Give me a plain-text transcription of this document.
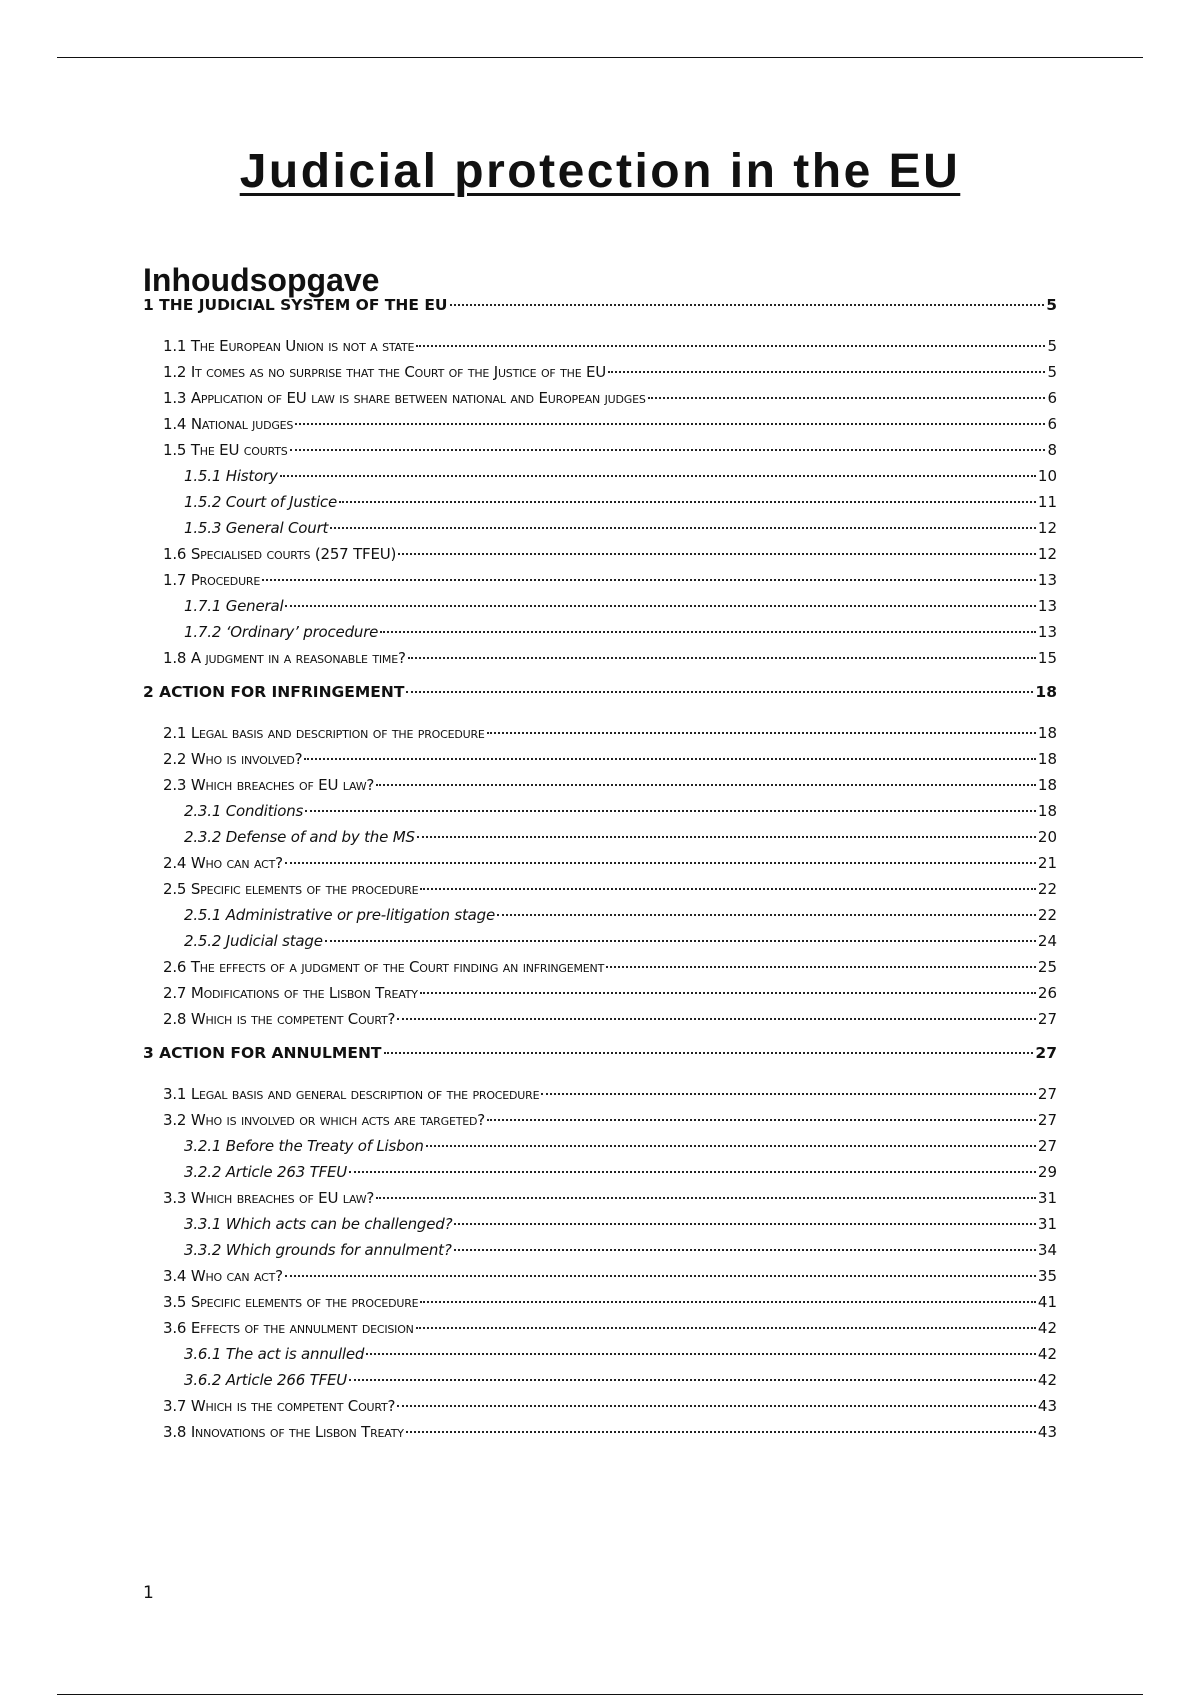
Judicial protection in the EU
Inhoudsopgave
1 THE JUDICIAL SYSTEM OF THE EU	5
1.1 The European Union is not a state	5
1.2 It comes as no surprise that the Court of the Justice of the EU	5
1.3 Application of EU law is share between national and European judges	6
1.4 National judges	6
1.5 The EU courts	8
1.5.1 History	10
1.5.2 Court of Justice	11
1.5.3 General Court	12
1.6 Specialised courts (257 TFEU)	12
1.7 Procedure	13
1.7.1 General	13
1.7.2 ‘Ordinary’ procedure	13
1.8 A judgment in a reasonable time?	15
2 ACTION FOR INFRINGEMENT	18
2.1 Legal basis and description of the procedure	18
2.2 Who is involved?	18
2.3 Which breaches of EU law?	18
2.3.1 Conditions	18
2.3.2 Defense of and by the MS	20
2.4 Who can act?	21
2.5 Specific elements of the procedure	22
2.5.1 Administrative or pre-litigation stage	22
2.5.2 Judicial stage	24
2.6 The effects of a judgment of the Court finding an infringement	25
2.7 Modifications of the Lisbon Treaty	26
2.8 Which is the competent Court?	27
3 ACTION FOR ANNULMENT	27
3.1 Legal basis and general description of the procedure	27
3.2 Who is involved or which acts are targeted?	27
3.2.1 Before the Treaty of Lisbon	27
3.2.2 Article 263 TFEU	29
3.3 Which breaches of EU law?	31
3.3.1 Which acts can be challenged?	31
3.3.2 Which grounds for annulment?	34
3.4 Who can act?	35
3.5 Specific elements of the procedure	41
3.6 Effects of the annulment decision	42
3.6.1 The act is annulled	42
3.6.2 Article 266 TFEU	42
3.7 Which is the competent Court?	43
3.8 Innovations of the Lisbon Treaty	43
1
